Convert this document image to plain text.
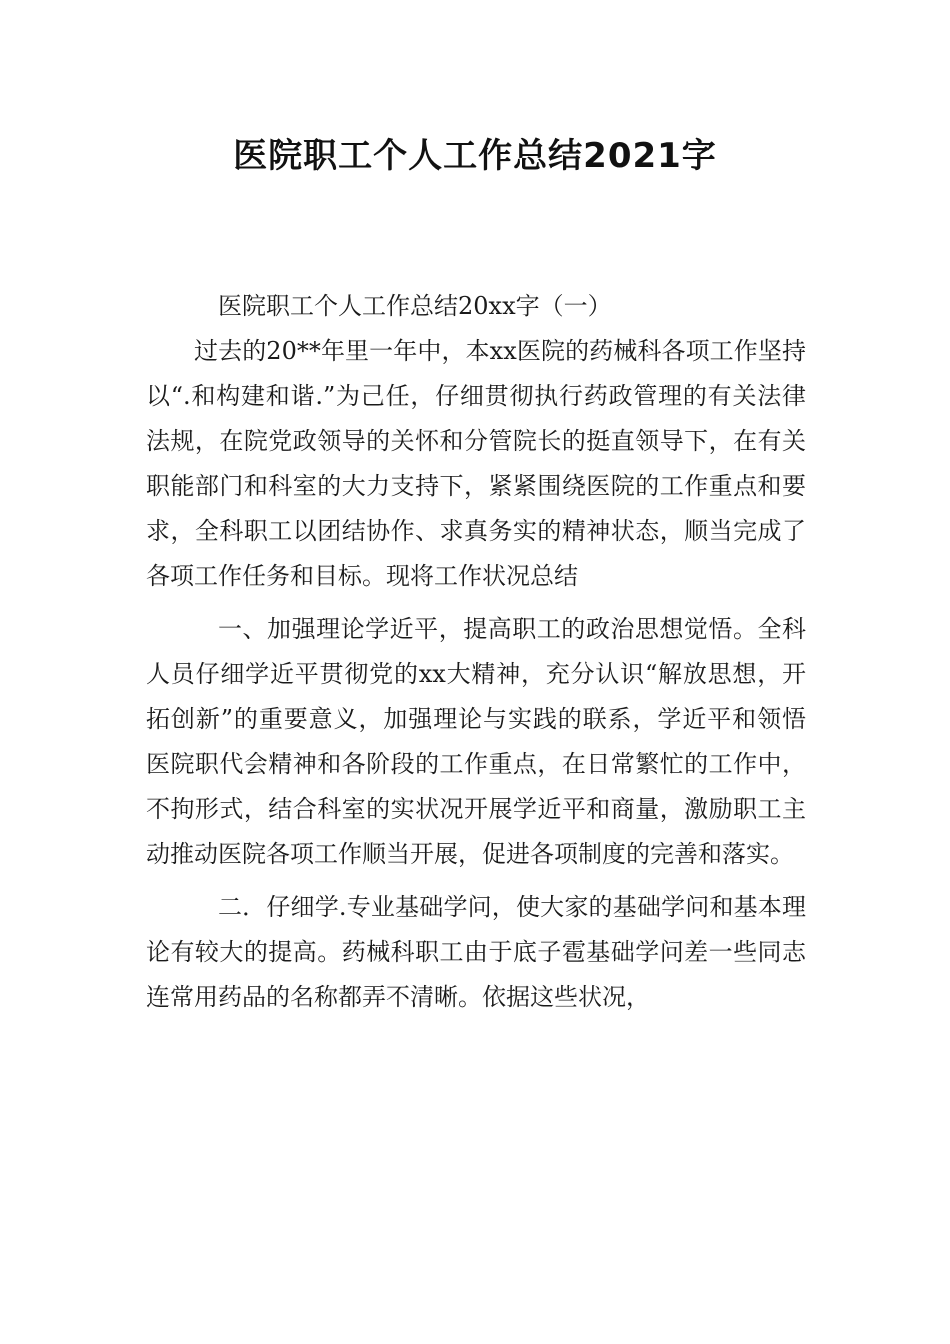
医院职工个人工作总结2021字

医院职工个人工作总结20xx字（一）

过去的20**年里一年中，本xx医院的药械科各项工作坚持以“.和构建和谐.”为己任，仔细贯彻执行药政管理的有关法律法规，在院党政领导的关怀和分管院长的挺直领导下，在有关职能部门和科室的大力支持下，紧紧围绕医院的工作重点和要求，全科职工以团结协作、求真务实的精神状态，顺当完成了各项工作任务和目标。现将工作状况总结

一、加强理论学近平，提高职工的政治思想觉悟。全科人员仔细学近平贯彻党的xx大精神，充分认识“解放思想，开拓创新”的重要意义，加强理论与实践的联系，学近平和领悟医院职代会精神和各阶段的工作重点，在日常繁忙的工作中，不拘形式，结合科室的实状况开展学近平和商量，激励职工主动推动医院各项工作顺当开展，促进各项制度的完善和落实。

二．仔细学.专业基础学问，使大家的基础学问和基本理论有较大的提高。药械科职工由于底子雹基础学问差一些同志连常用药品的名称都弄不清晰。依据这些状况，
